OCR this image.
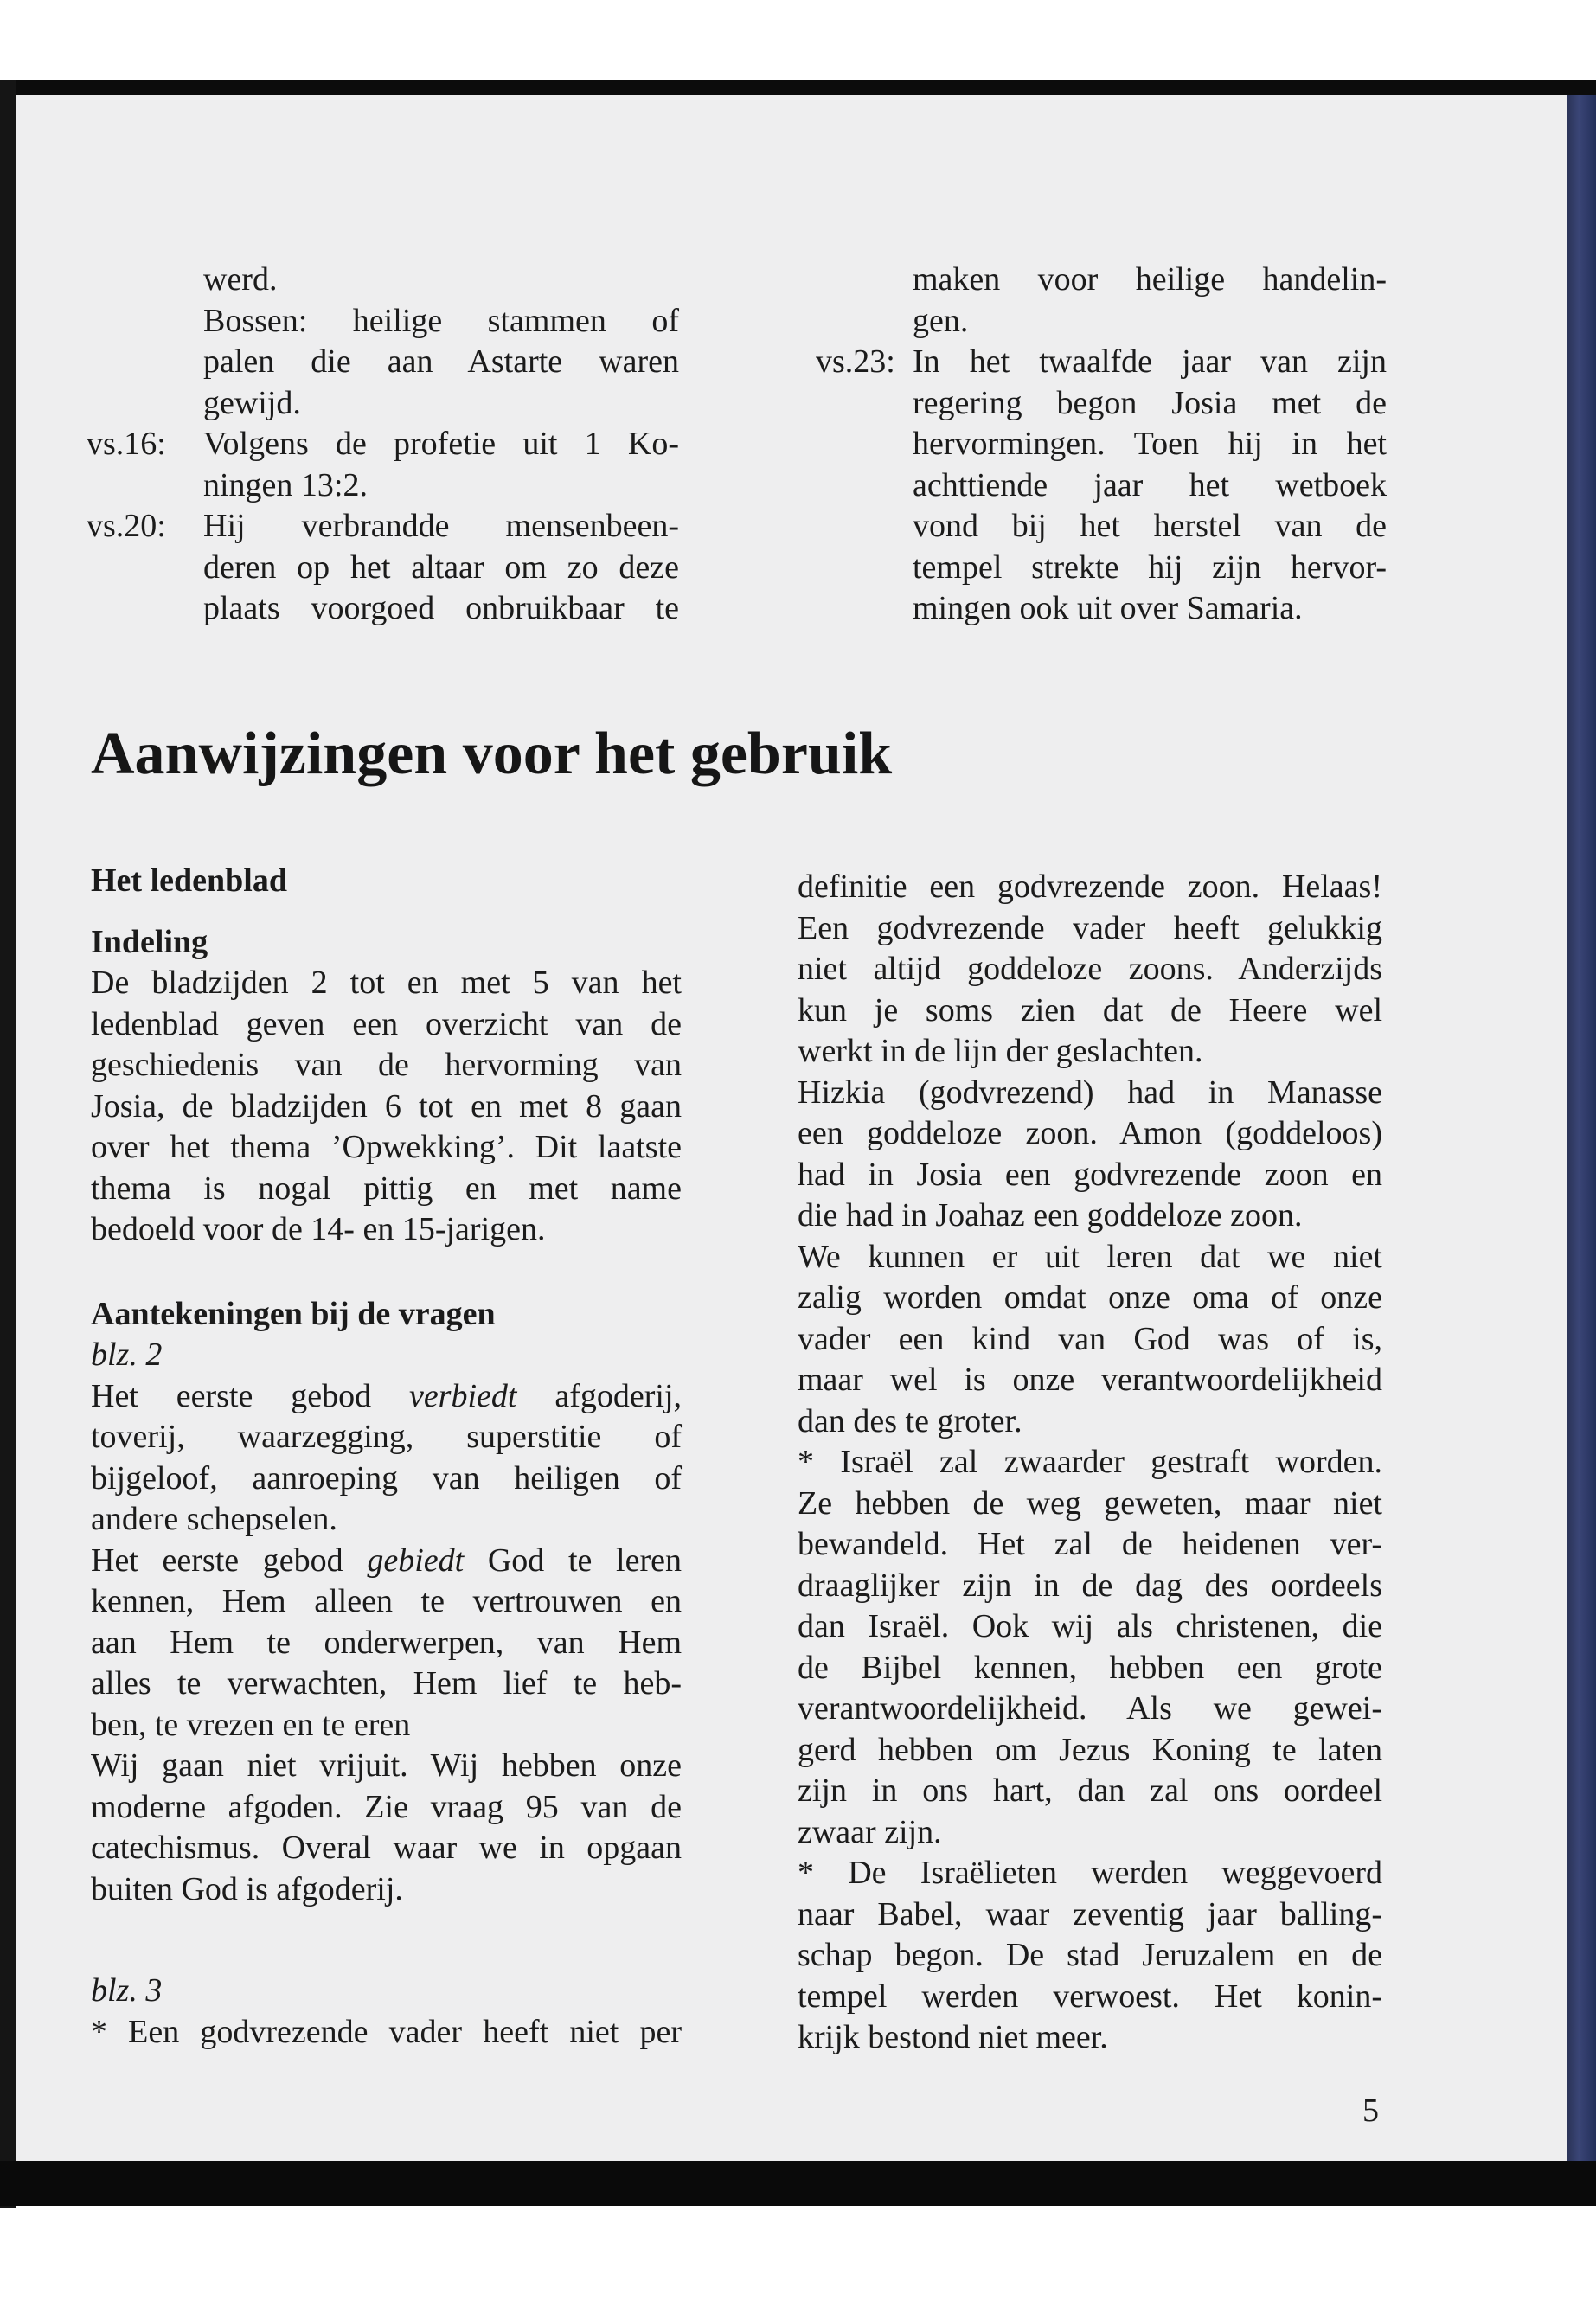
werd.
Bossen: heilige stammen of
palen die aan Astarte waren
gewijd.
vs.16: Volgens de profetie uit 1 Ko-
ningen 13:2.
vs.20: Hij verbrandde mensenbeen-
deren op het altaar om zo deze
plaats voorgoed onbruikbaar te
maken voor heilige handelin-
gen.
vs.23: In het twaalfde jaar van zijn
regering begon Josia met de
hervormingen. Toen hij in het
achttiende jaar het wetboek
vond bij het herstel van de
tempel strekte hij zijn hervor-
mingen ook uit over Samaria.
Aanwijzingen voor het gebruik
Het ledenblad
Indeling
De bladzijden 2 tot en met 5 van het
ledenblad geven een overzicht van de
geschiedenis van de hervorming van
Josia, de bladzijden 6 tot en met 8 gaan
over het thema ’Opwekking’. Dit laatste
thema is nogal pittig en met name
bedoeld voor de 14- en 15-jarigen.
Aantekeningen bij de vragen
blz. 2
Het eerste gebod verbiedt afgoderij,
toverij, waarzegging, superstitie of
bijgeloof, aanroeping van heiligen of
andere schepselen.
Het eerste gebod gebiedt God te leren
kennen, Hem alleen te vertrouwen en
aan Hem te onderwerpen, van Hem
alles te verwachten, Hem lief te heb-
ben, te vrezen en te eren
Wij gaan niet vrijuit. Wij hebben onze
moderne afgoden. Zie vraag 95 van de
catechismus. Overal waar we in opgaan
buiten God is afgoderij.
blz. 3
* Een godvrezende vader heeft niet per
definitie een godvrezende zoon. Helaas!
Een godvrezende vader heeft gelukkig
niet altijd goddeloze zoons. Anderzijds
kun je soms zien dat de Heere wel
werkt in de lijn der geslachten.
Hizkia (godvrezend) had in Manasse
een goddeloze zoon. Amon (goddeloos)
had in Josia een godvrezende zoon en
die had in Joahaz een goddeloze zoon.
We kunnen er uit leren dat we niet
zalig worden omdat onze oma of onze
vader een kind van God was of is,
maar wel is onze verantwoordelijkheid
dan des te groter.
* Israël zal zwaarder gestraft worden.
Ze hebben de weg geweten, maar niet
bewandeld. Het zal de heidenen ver-
draaglijker zijn in de dag des oordeels
dan Israël. Ook wij als christenen, die
de Bijbel kennen, hebben een grote
verantwoordelijkheid. Als we gewei-
gerd hebben om Jezus Koning te laten
zijn in ons hart, dan zal ons oordeel
zwaar zijn.
* De Israëlieten werden weggevoerd
naar Babel, waar zeventig jaar balling-
schap begon. De stad Jeruzalem en de
tempel werden verwoest. Het konin-
krijk bestond niet meer.
5
